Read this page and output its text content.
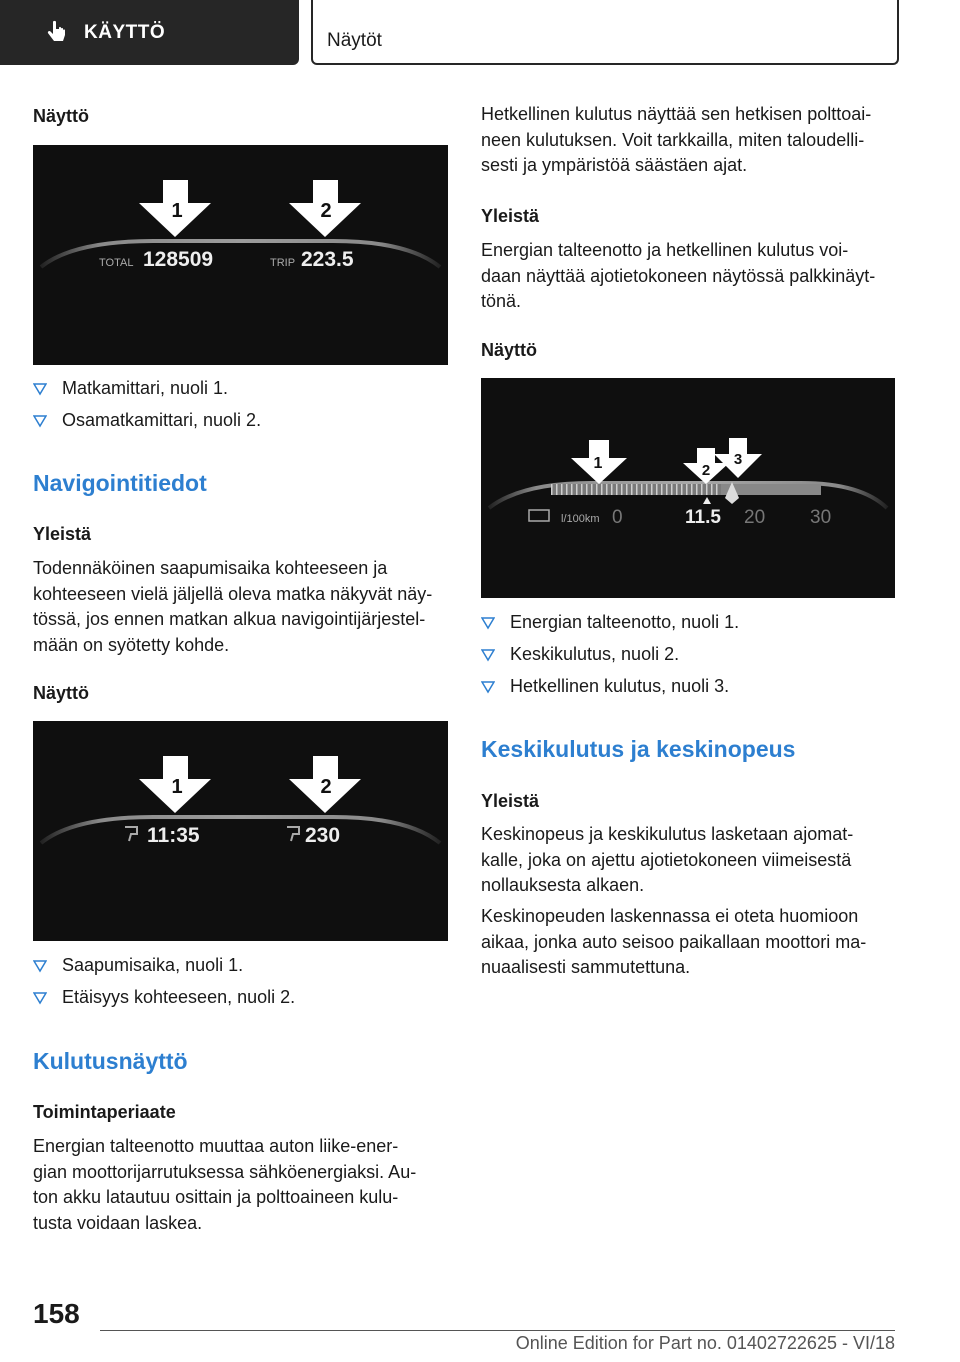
KÄYTTÖ	Näytöt
Näyttö
1	2
TOTAL 128509	TRIP 223.5
Matkamittari, nuoli 1.
Osamatkamittari, nuoli 2.
Navigointitiedot
Yleistä
Todennäköinen saapumisaika kohteeseen ja
kohteeseen vielä jäljellä oleva matka näkyvät näy‐
tössä, jos ennen matkan alkua navigointijärjestel‐
mään on syötetty kohde.
Näyttö
1	2
11:35	230
Saapumisaika, nuoli 1.
Etäisyys kohteeseen, nuoli 2.
Kulutusnäyttö
Toimintaperiaate
Energian talteenotto muuttaa auton liike-ener‐
gian moottorijarrutuksessa sähköenergiaksi. Au‐
ton akku latautuu osittain ja polttoaineen kulu‐
tusta voidaan laskea.
Hetkellinen kulutus näyttää sen hetkisen polttoai‐
neen kulutuksen. Voit tarkkailla, miten taloudelli‐
sesti ja ympäristöä säästäen ajat.
Yleistä
Energian talteenotto ja hetkellinen kulutus voi‐
daan näyttää ajotietokoneen näytössä palkkinäyt‐
tönä.
Näyttö
1	2
3
l/100km 0	11.5 20 30
Energian talteenotto, nuoli 1.
Keskikulutus, nuoli 2.
Hetkellinen kulutus, nuoli 3.
Keskikulutus ja keskinopeus
Yleistä
Keskinopeus ja keskikulutus lasketaan ajomat‐
kalle, joka on ajettu ajotietokoneen viimeisestä
nollauksesta alkaen.
Keskinopeuden laskennassa ei oteta huomioon
aikaa, jonka auto seisoo paikallaan moottori ma‐
nuaalisesti sammutettuna.
158
Online Edition for Part no. 01402722625 - VI/18
